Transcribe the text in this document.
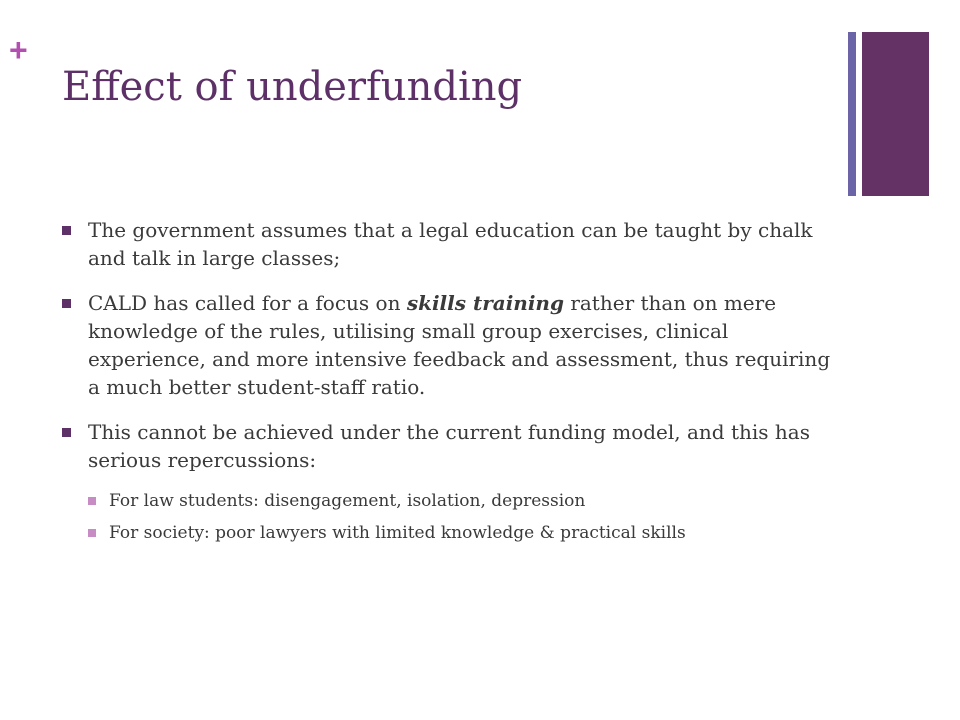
+
Effect of underfunding
The government assumes that a legal education can be taught by chalk and talk in large classes;
CALD has called for a focus on skills training rather than on mere knowledge of the rules, utilising small group exercises, clinical experience, and more intensive feedback and assessment, thus requiring a much better student-staff ratio.
This cannot be achieved under the current funding model, and this has serious repercussions:
For law students: disengagement, isolation, depression
For society: poor lawyers with limited knowledge & practical skills
